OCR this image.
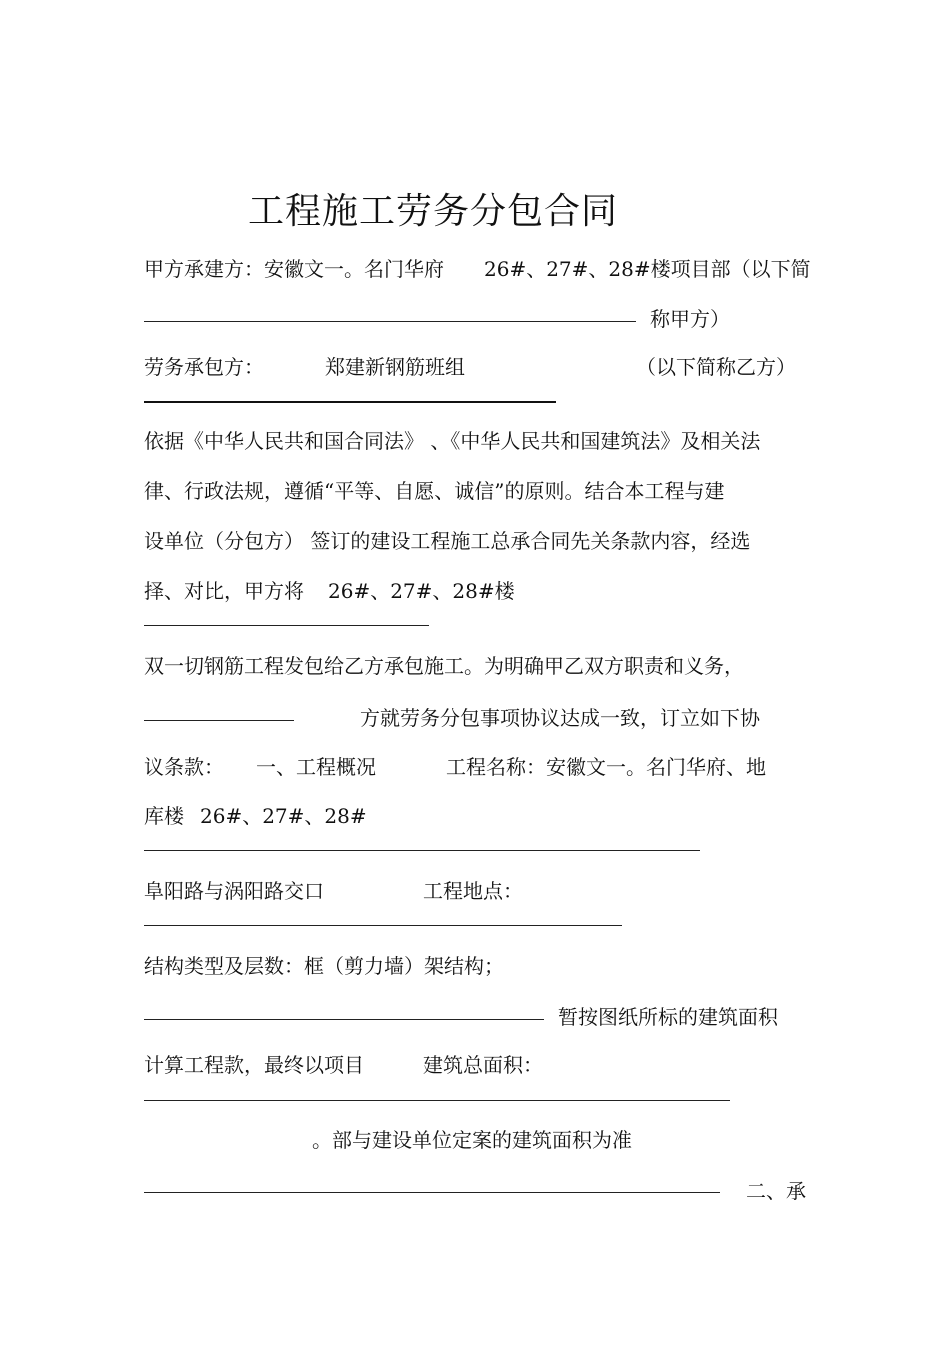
工程施工劳务分包合同
甲方承建方：安徽文一。名门华府 26#、27#、28#楼项目部（以下简
称甲方）
劳务承包方：	郑建新钢筋班组	（以下简称乙方）
依据《中华人民共和国合同法》 、《中华人民共和国建筑法》及相关法
律、行政法规，遵循“平等、自愿、诚信”的原则。结合本工程与建
设单位（分包方） 签订的建设工程施工总承合同先关条款内容，经选
择、对比，甲方将 26#、27#、28#楼
双一切钢筋工程发包给乙方承包施工。为明确甲乙双方职责和义务，
方就劳务分包事项协议达成一致，订立如下协
议条款： 一、工程概况	工程名称：安徽文一。名门华府、地
库楼 26#、27#、28#
阜阳路与涡阳路交口	工程地点：
结构类型及层数：框（剪力墙）架结构；
暂按图纸所标的建筑面积
计算工程款，最终以项目	建筑总面积：
。部与建设单位定案的建筑面积为准
二、承
